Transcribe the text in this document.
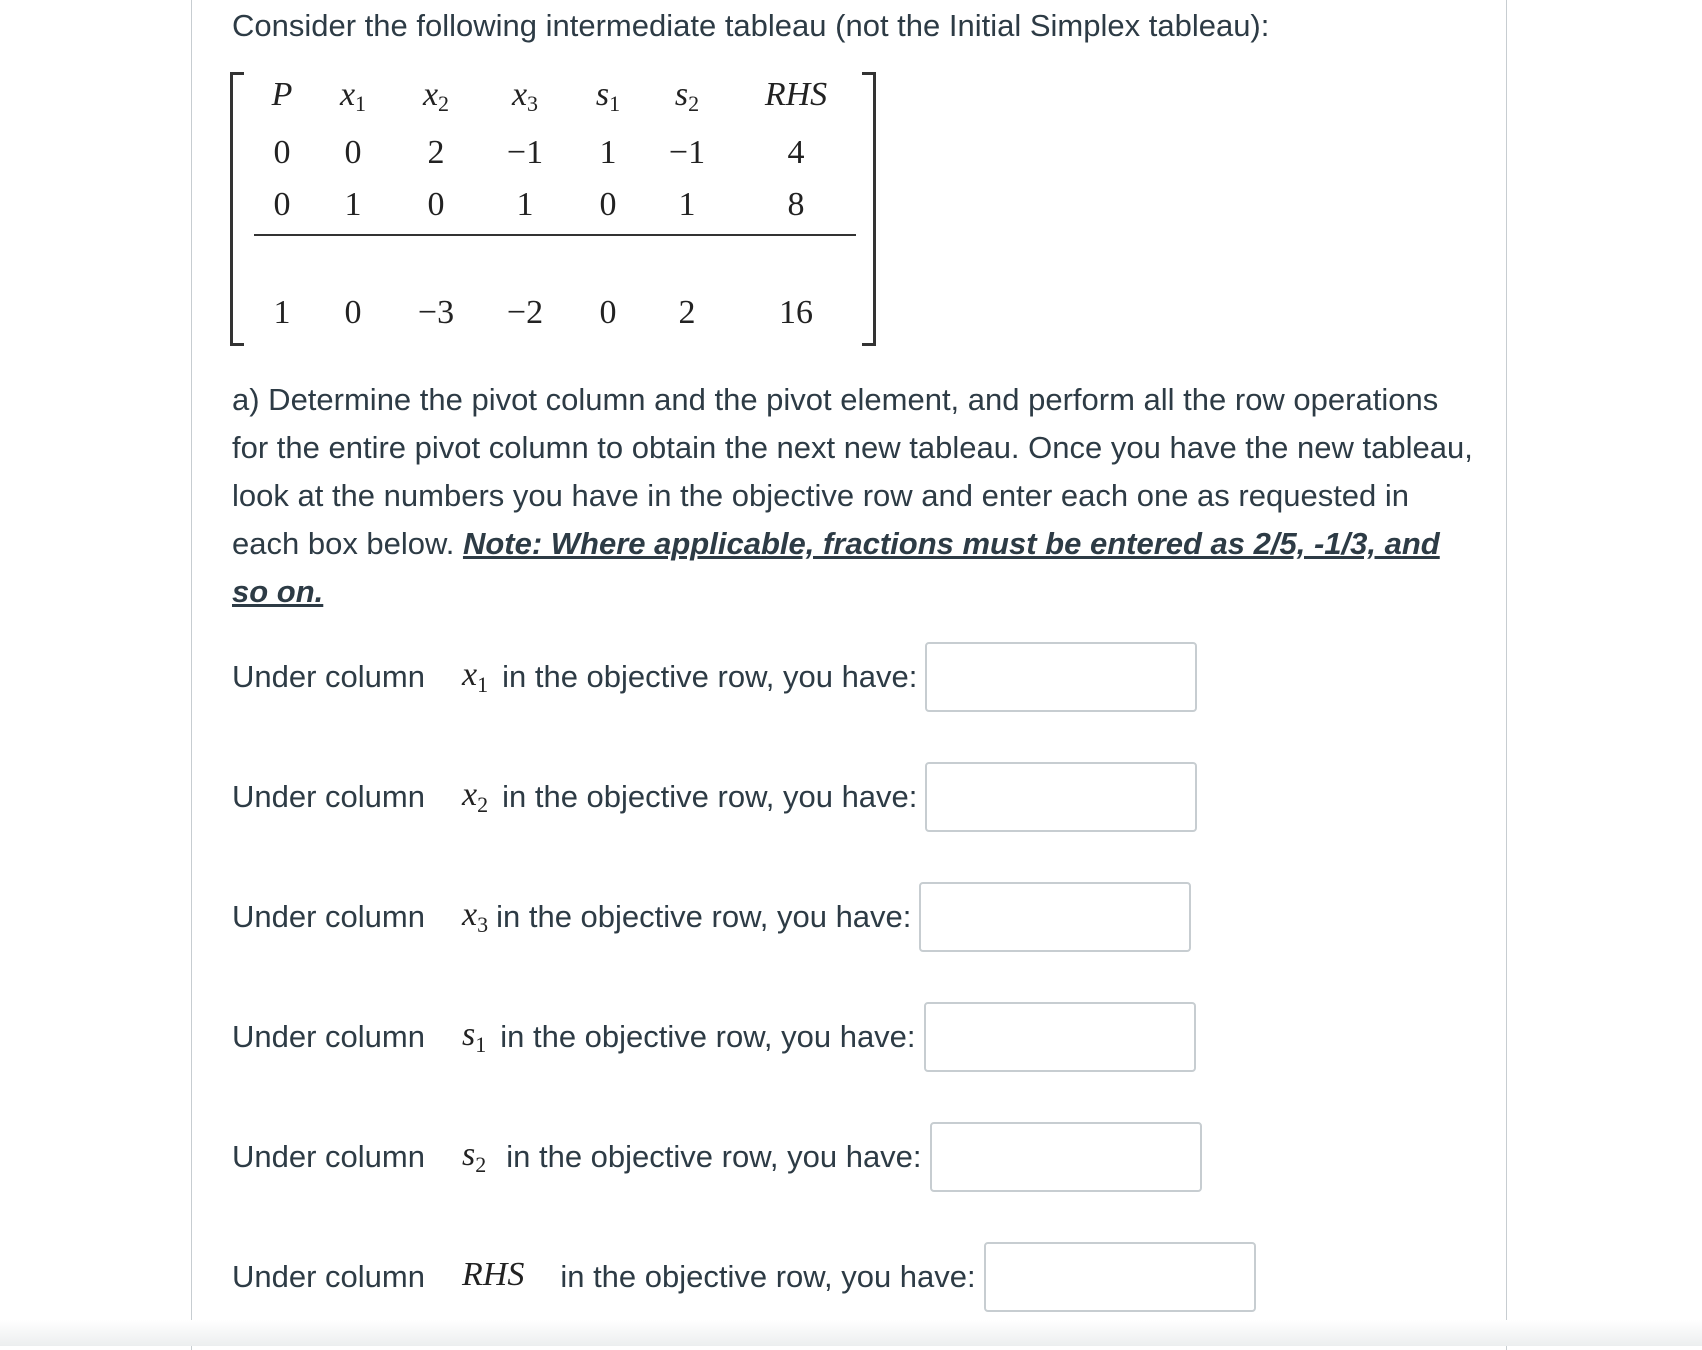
Consider the following intermediate tableau (not the Initial Simplex tableau):
P	$x_1$	$x_2$	$x_3$	$s_1$	$s_2$	RHS
0	0	2	−1	1	−1	4
0	1	0	1	0	1	8
1	0	−3	−2	0	2	16
a) Determine the pivot column and the pivot element, and perform all the row operations for the entire pivot column to obtain the next new tableau. Once you have the new tableau, look at the numbers you have in the objective row and enter each one as requested in each box below. Note: Where applicable, fractions must be entered as 2/5, -1/3, and so on.
Under column $x_1$ in the objective row, you have:
Under column $x_2$ in the objective row, you have:
Under column $x_3$ in the objective row, you have:
Under column $s_1$ in the objective row, you have:
Under column $s_2$ in the objective row, you have:
Under column RHS in the objective row, you have:
